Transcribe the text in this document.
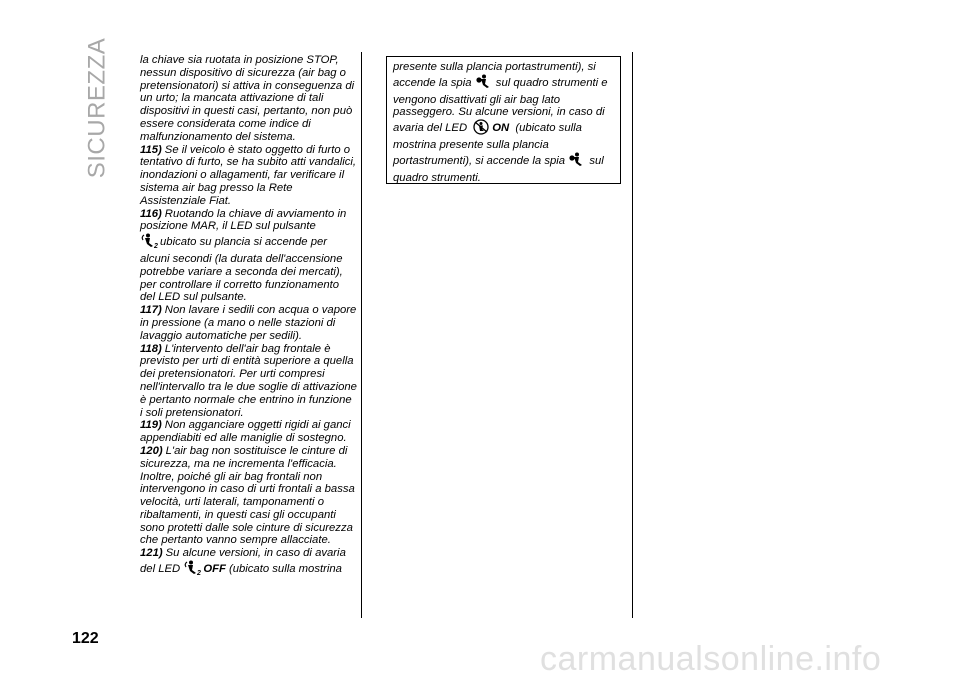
SICUREZZA	la chiave sia ruotata in posizione STOP, nessun dispositivo di sicurezza (air bag o pretensionatori) si attiva in conseguenza di un urto; la mancata attivazione di tali dispositivi in questi casi, pertanto, non può essere considerata come indice di malfunzionamento del sistema.

115) Se il veicolo è stato oggetto di furto o tentativo di furto, se ha subito atti vandalici, inondazioni o allagamenti, far verificare il sistema air bag presso la Rete Assistenziale Fiat.

116) Ruotando la chiave di avviamento in posizione MAR, il LED sul pulsante

2 ubicato su plancia si accende per alcuni secondi (la durata dell'accensione potrebbe variare a seconda dei mercati), per controllare il corretto funzionamento del LED sul pulsante.

117) Non lavare i sedili con acqua o vapore in pressione (a mano o nelle stazioni di lavaggio automatiche per sedili).

118) L'intervento dell'air bag frontale è previsto per urti di entità superiore a quella dei pretensionatori. Per urti compresi nell'intervallo tra le due soglie di attivazione è pertanto normale che entrino in funzione i soli pretensionatori.

119) Non agganciare oggetti rigidi ai ganci appendiabiti ed alle maniglie di sostegno.

120) L'air bag non sostituisce le cinture di sicurezza, ma ne incrementa l'efficacia. Inoltre, poiché gli air bag frontali non intervengono in caso di urti frontali a bassa velocità, urti laterali, tamponamenti o ribaltamenti, in questi casi gli occupanti sono protetti dalle sole cinture di sicurezza che pertanto vanno sempre allacciate.

121) Su alcune versioni, in caso di avaria del LED 2 OFF (ubicato sulla mostrina

presente sulla plancia portastrumenti), si accende la spia sul quadro strumenti e vengono disattivati gli air bag lato passeggero. Su alcune versioni, in caso di avaria del LED ON (ubicato sulla mostrina presente sulla plancia portastrumenti), si accende la spia sul quadro strumenti.

122
carmanualsonline.info
